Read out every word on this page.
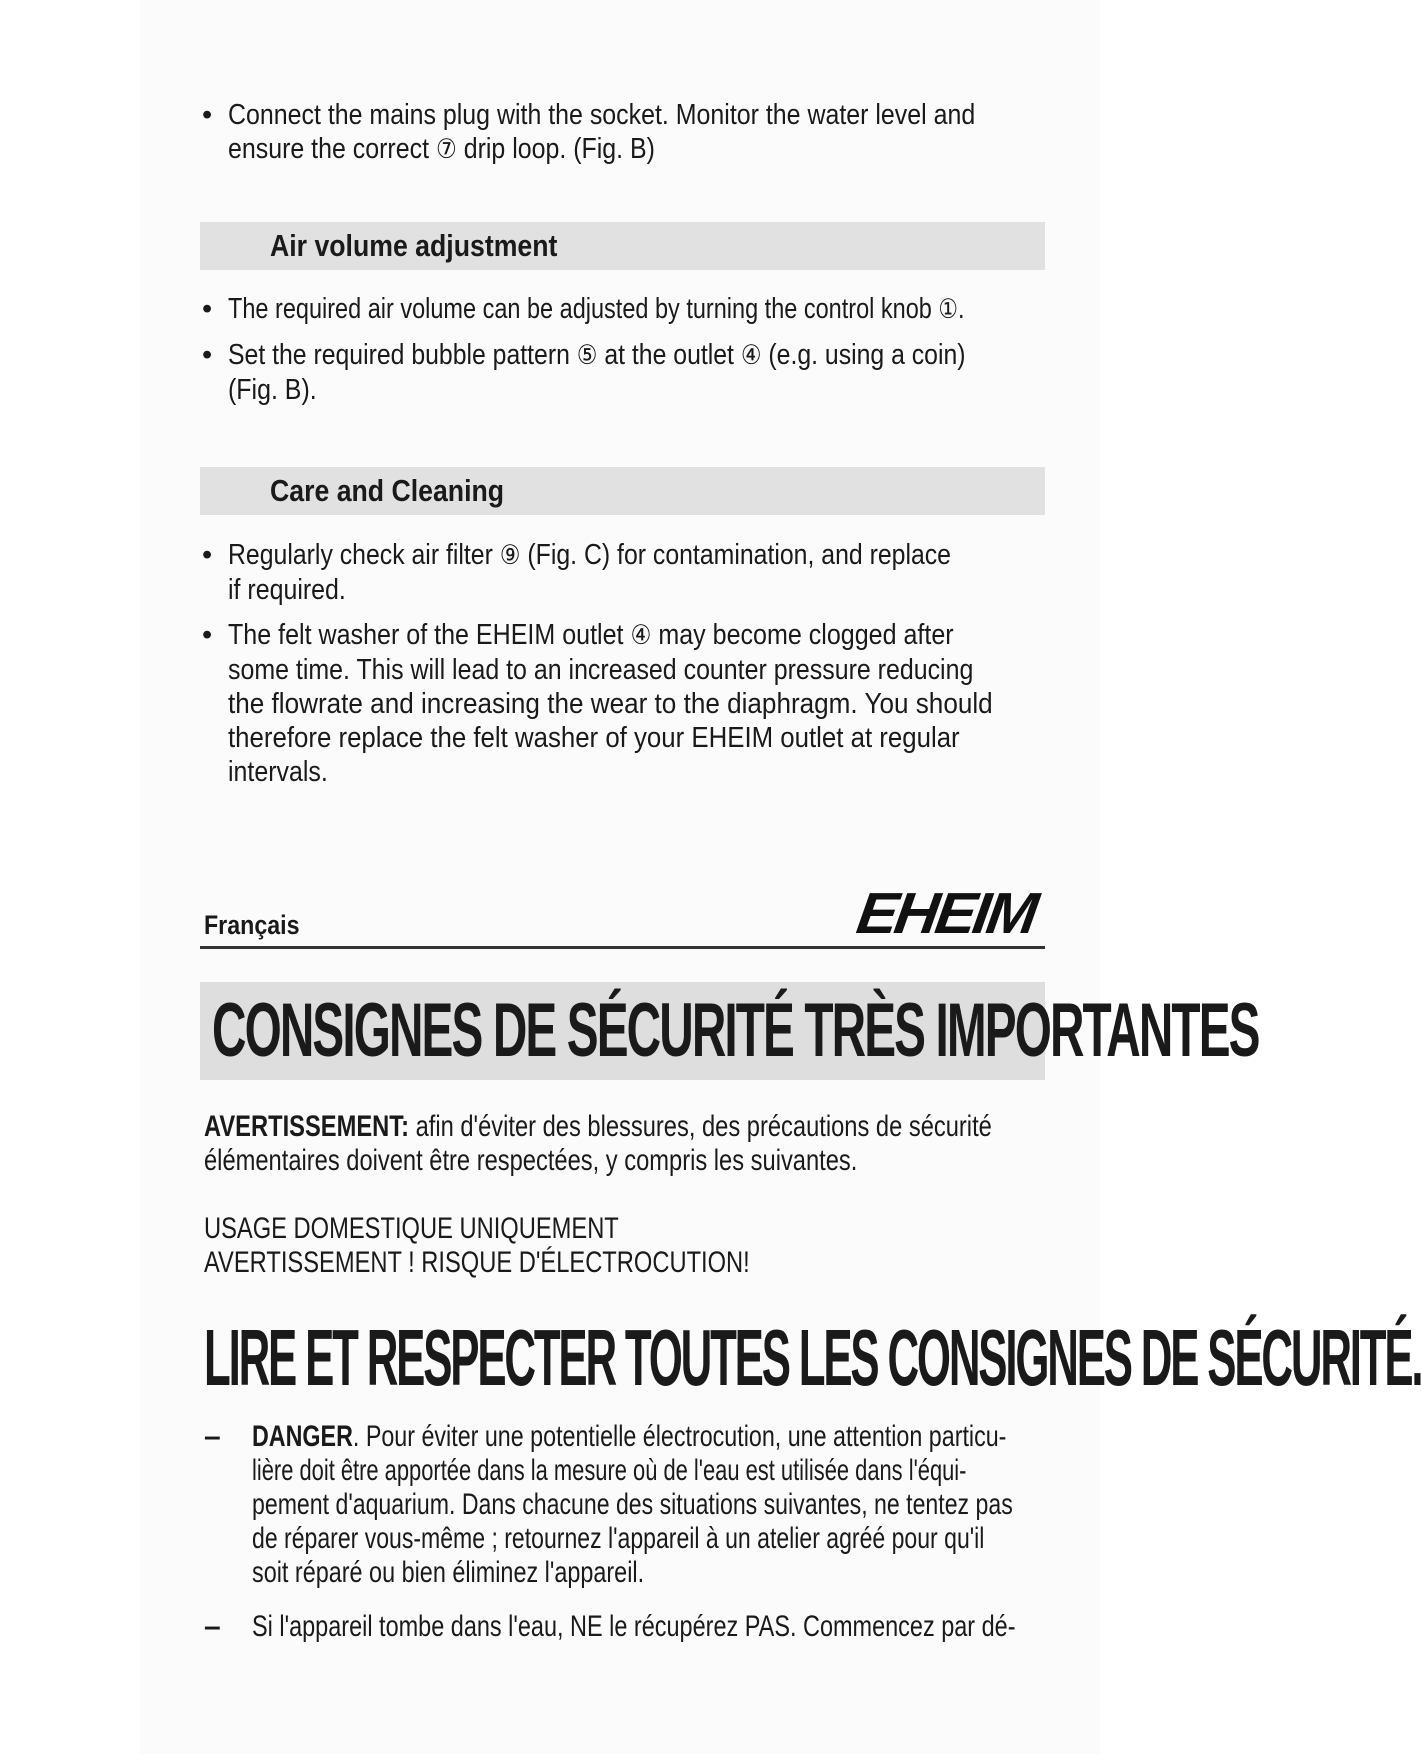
• Connect the mains plug with the socket. Monitor the water level and
ensure the correct ⑦ drip loop. (Fig. B)
Air volume adjustment
• The required air volume can be adjusted by turning the control knob ①.
• Set the required bubble pattern ⑤ at the outlet ④ (e.g. using a coin)
(Fig. B).
Care and Cleaning
• Regularly check air filter ⑨ (Fig. C) for contamination, and replace
if required.
• The felt washer of the EHEIM outlet ④ may become clogged after
some time. This will lead to an increased counter pressure reducing
the flowrate and increasing the wear to the diaphragm. You should
therefore replace the felt washer of your EHEIM outlet at regular
intervals.
Français	EHEIM
CONSIGNES DE SÉCURITÉ TRÈS IMPORTANTES
AVERTISSEMENT: afin d'éviter des blessures, des précautions de sécurité
élémentaires doivent être respectées, y compris les suivantes.
USAGE DOMESTIQUE UNIQUEMENT
AVERTISSEMENT ! RISQUE D'ÉLECTROCUTION!
LIRE ET RESPECTER TOUTES LES CONSIGNES DE SÉCURITÉ.
– DANGER. Pour éviter une potentielle électrocution, une attention particu-
lière doit être apportée dans la mesure où de l'eau est utilisée dans l'équi-
pement d'aquarium. Dans chacune des situations suivantes, ne tentez pas
de réparer vous-même ; retournez l'appareil à un atelier agréé pour qu'il
soit réparé ou bien éliminez l'appareil.
– Si l'appareil tombe dans l'eau, NE le récupérez PAS. Commencez par dé-
